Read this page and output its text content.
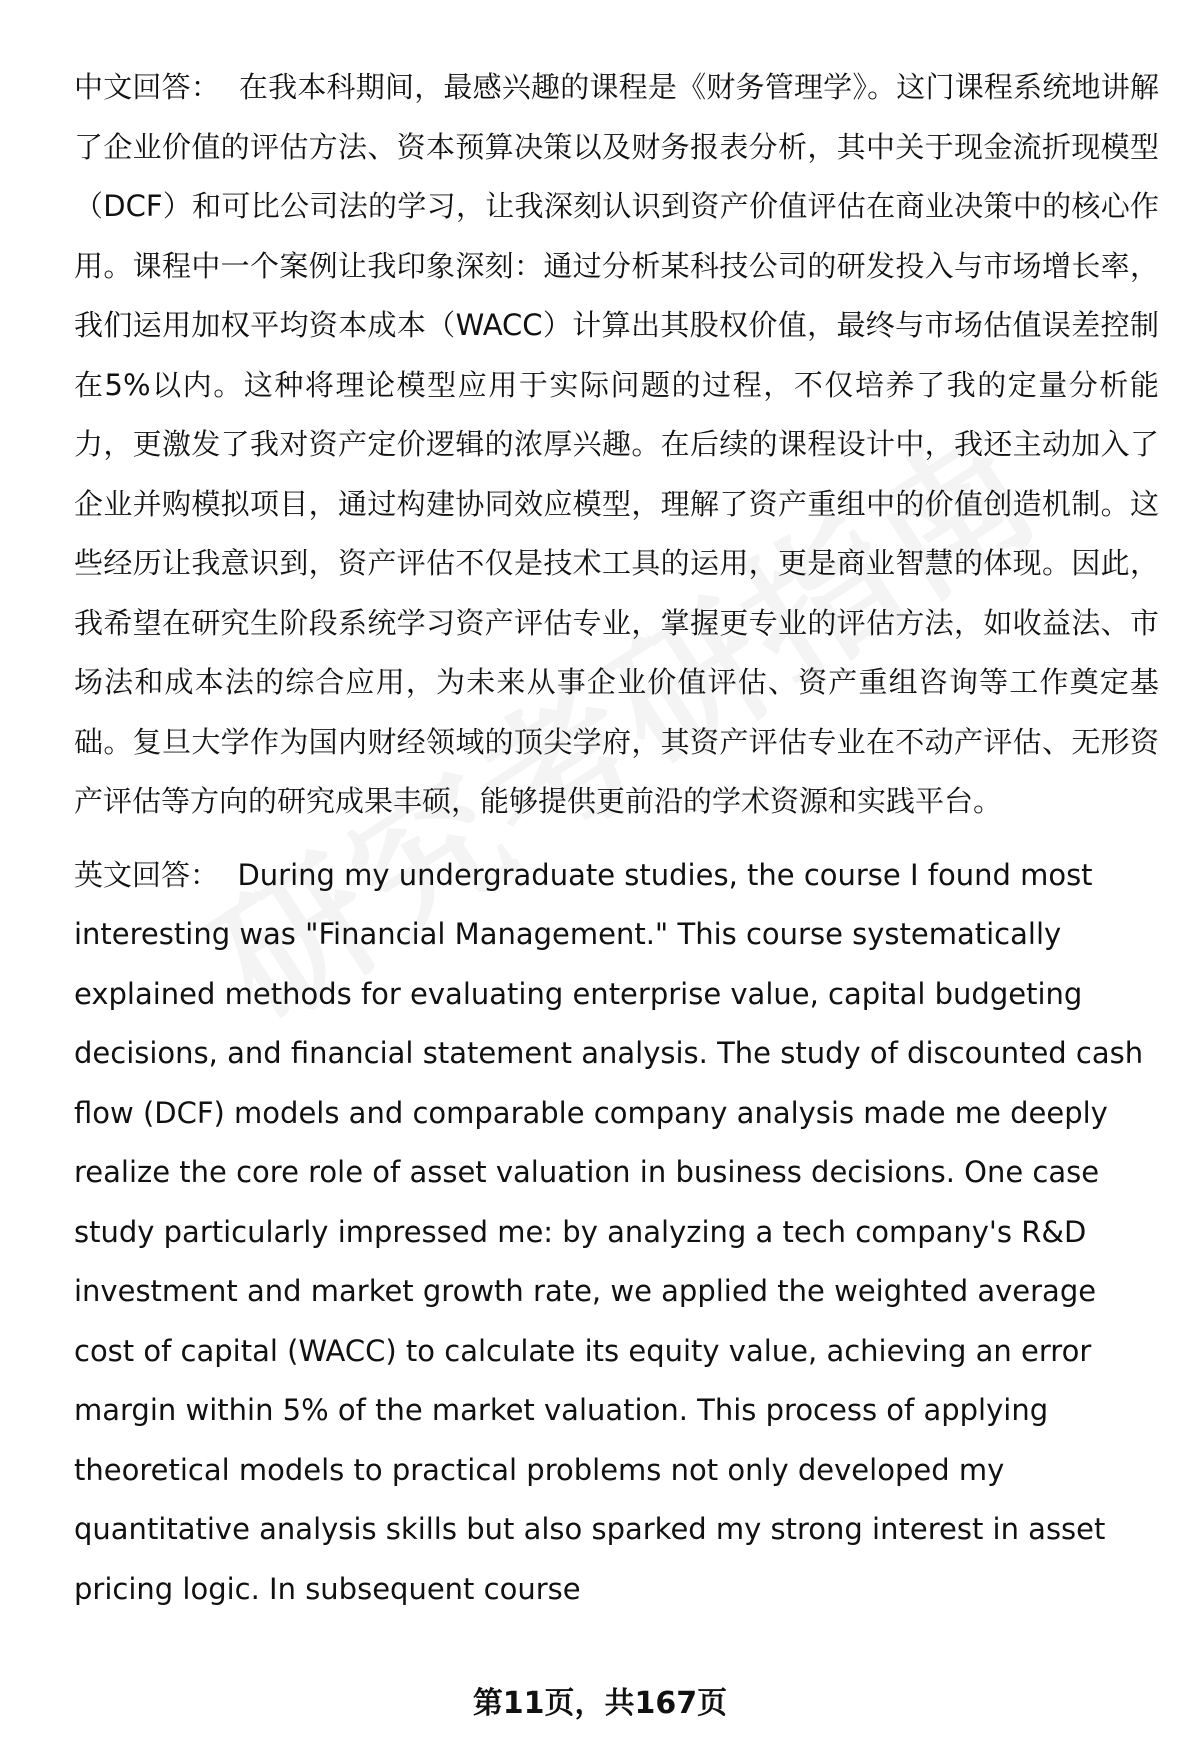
中文回答： 在我本科期间，最感兴趣的课程是《财务管理学》。这门课程系统地讲解了企业价值的评估方法、资本预算决策以及财务报表分析，其中关于现金流折现模型（DCF）和可比公司法的学习，让我深刻认识到资产价值评估在商业决策中的核心作用。课程中一个案例让我印象深刻：通过分析某科技公司的研发投入与市场增长率，我们运用加权平均资本成本（WACC）计算出其股权价值，最终与市场估值误差控制在5%以内。这种将理论模型应用于实际问题的过程，不仅培养了我的定量分析能力，更激发了我对资产定价逻辑的浓厚兴趣。在后续的课程设计中，我还主动加入了企业并购模拟项目，通过构建协同效应模型，理解了资产重组中的价值创造机制。这些经历让我意识到，资产评估不仅是技术工具的运用，更是商业智慧的体现。因此，我希望在研究生阶段系统学习资产评估专业，掌握更专业的评估方法，如收益法、市场法和成本法的综合应用，为未来从事企业价值评估、资产重组咨询等工作奠定基础。复旦大学作为国内财经领域的顶尖学府，其资产评估专业在不动产评估、无形资产评估等方向的研究成果丰硕，能够提供更前沿的学术资源和实践平台。

英文回答： During my undergraduate studies, the course I found most interesting was "Financial Management." This course systematically explained methods for evaluating enterprise value, capital budgeting decisions, and financial statement analysis. The study of discounted cash flow (DCF) models and comparable company analysis made me deeply realize the core role of asset valuation in business decisions. One case study particularly impressed me: by analyzing a tech company's R&D investment and market growth rate, we applied the weighted average cost of capital (WACC) to calculate its equity value, achieving an error margin within 5% of the market valuation. This process of applying theoretical models to practical problems not only developed my quantitative analysis skills but also sparked my strong interest in asset pricing logic. In subsequent course

第11页，共167页
